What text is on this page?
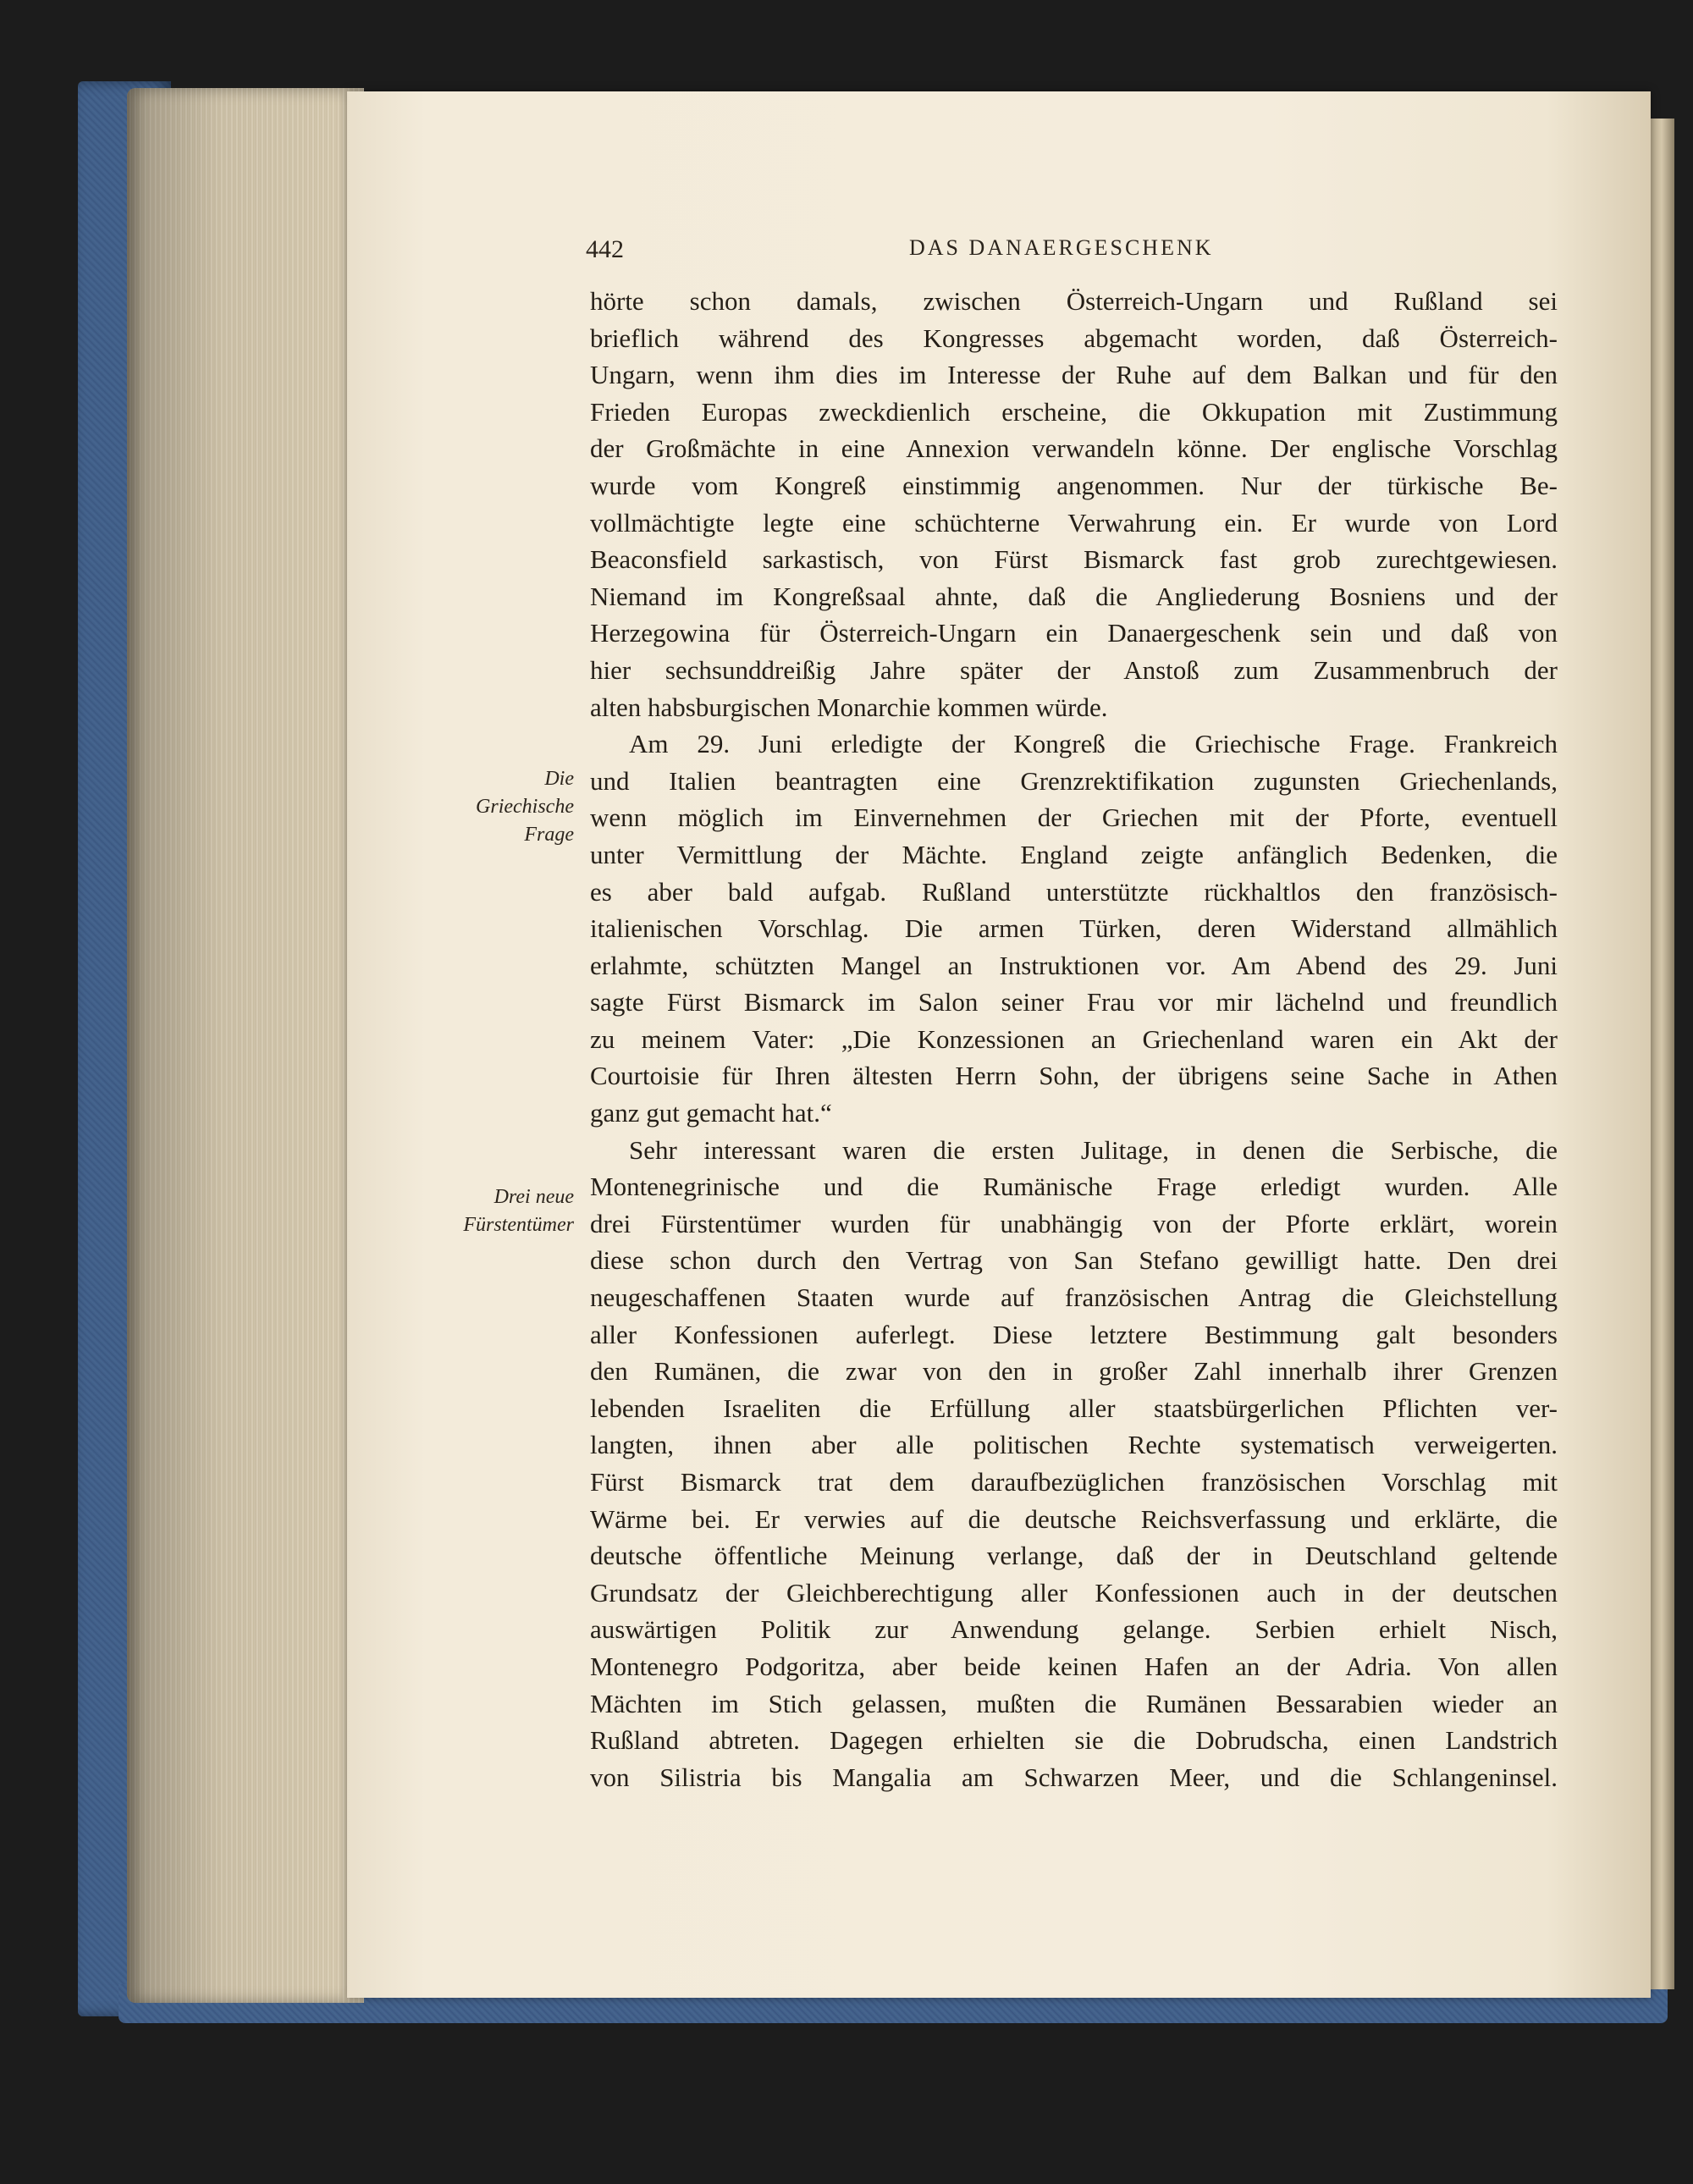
442	DAS DANAERGESCHENK
Die
Griechische
Frage
Drei neue
Fürstentümer
hörte schon damals, zwischen Österreich-Ungarn und Rußland sei
brieflich während des Kongresses abgemacht worden, daß Österreich-
Ungarn, wenn ihm dies im Interesse der Ruhe auf dem Balkan und für den
Frieden Europas zweckdienlich erscheine, die Okkupation mit Zustimmung
der Großmächte in eine Annexion verwandeln könne. Der englische Vorschlag
wurde vom Kongreß einstimmig angenommen. Nur der türkische Be-
vollmächtigte legte eine schüchterne Verwahrung ein. Er wurde von Lord
Beaconsfield sarkastisch, von Fürst Bismarck fast grob zurechtgewiesen.
Niemand im Kongreßsaal ahnte, daß die Angliederung Bosniens und der
Herzegowina für Österreich-Ungarn ein Danaergeschenk sein und daß von
hier sechsunddreißig Jahre später der Anstoß zum Zusammenbruch der
alten habsburgischen Monarchie kommen würde.
Am 29. Juni erledigte der Kongreß die Griechische Frage. Frankreich
und Italien beantragten eine Grenzrektifikation zugunsten Griechenlands,
wenn möglich im Einvernehmen der Griechen mit der Pforte, eventuell
unter Vermittlung der Mächte. England zeigte anfänglich Bedenken, die
es aber bald aufgab. Rußland unterstützte rückhaltlos den französisch-
italienischen Vorschlag. Die armen Türken, deren Widerstand allmählich
erlahmte, schützten Mangel an Instruktionen vor. Am Abend des 29. Juni
sagte Fürst Bismarck im Salon seiner Frau vor mir lächelnd und freundlich
zu meinem Vater: „Die Konzessionen an Griechenland waren ein Akt der
Courtoisie für Ihren ältesten Herrn Sohn, der übrigens seine Sache in Athen
ganz gut gemacht hat.“
Sehr interessant waren die ersten Julitage, in denen die Serbische, die
Montenegrinische und die Rumänische Frage erledigt wurden. Alle
drei Fürstentümer wurden für unabhängig von der Pforte erklärt, worein
diese schon durch den Vertrag von San Stefano gewilligt hatte. Den drei
neugeschaffenen Staaten wurde auf französischen Antrag die Gleichstellung
aller Konfessionen auferlegt. Diese letztere Bestimmung galt besonders
den Rumänen, die zwar von den in großer Zahl innerhalb ihrer Grenzen
lebenden Israeliten die Erfüllung aller staatsbürgerlichen Pflichten ver-
langten, ihnen aber alle politischen Rechte systematisch verweigerten.
Fürst Bismarck trat dem daraufbezüglichen französischen Vorschlag mit
Wärme bei. Er verwies auf die deutsche Reichsverfassung und erklärte, die
deutsche öffentliche Meinung verlange, daß der in Deutschland geltende
Grundsatz der Gleichberechtigung aller Konfessionen auch in der deutschen
auswärtigen Politik zur Anwendung gelange. Serbien erhielt Nisch,
Montenegro Podgoritza, aber beide keinen Hafen an der Adria. Von allen
Mächten im Stich gelassen, mußten die Rumänen Bessarabien wieder an
Rußland abtreten. Dagegen erhielten sie die Dobrudscha, einen Landstrich
von Silistria bis Mangalia am Schwarzen Meer, und die Schlangeninsel.
